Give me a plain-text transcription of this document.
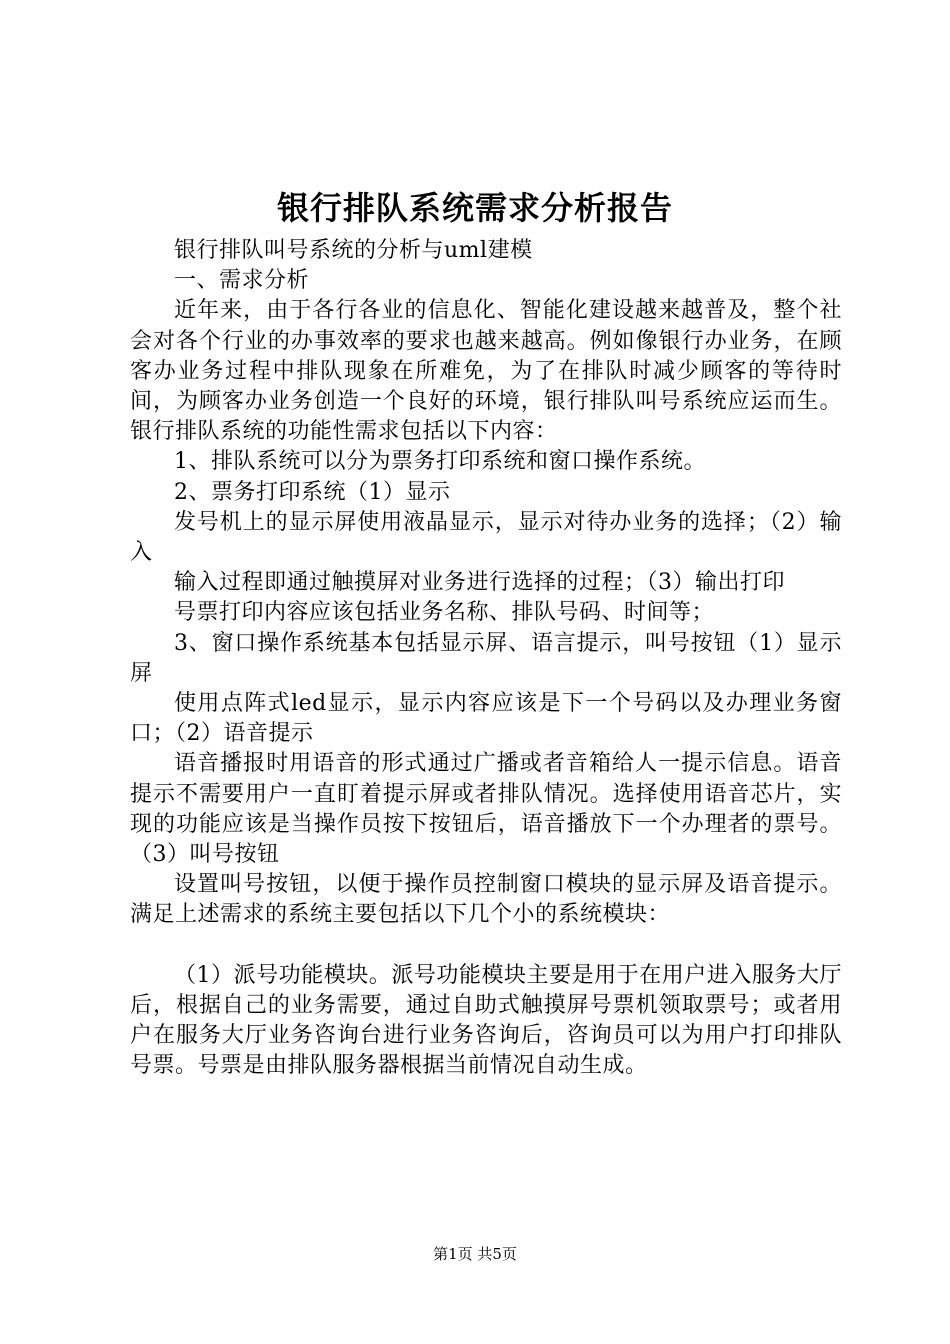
银行排队系统需求分析报告

银行排队叫号系统的分析与uml建模

一、需求分析

近年来，由于各行各业的信息化、智能化建设越来越普及，整个社会对各个行业的办事效率的要求也越来越高。例如像银行办业务，在顾客办业务过程中排队现象在所难免，为了在排队时减少顾客的等待时间，为顾客办业务创造一个良好的环境，银行排队叫号系统应运而生。银行排队系统的功能性需求包括以下内容：

1、排队系统可以分为票务打印系统和窗口操作系统。

2、票务打印系统（1）显示

发号机上的显示屏使用液晶显示，显示对待办业务的选择；（2）输入

输入过程即通过触摸屏对业务进行选择的过程；（3）输出打印

号票打印内容应该包括业务名称、排队号码、时间等；

3、窗口操作系统基本包括显示屏、语言提示，叫号按钮（1）显示屏

使用点阵式led显示，显示内容应该是下一个号码以及办理业务窗口；（2）语音提示

语音播报时用语音的形式通过广播或者音箱给人一提示信息。语音提示不需要用户一直盯着提示屏或者排队情况。选择使用语音芯片，实现的功能应该是当操作员按下按钮后，语音播放下一个办理者的票号。（3）叫号按钮

设置叫号按钮，以便于操作员控制窗口模块的显示屏及语音提示。满足上述需求的系统主要包括以下几个小的系统模块：

（1）派号功能模块。派号功能模块主要是用于在用户进入服务大厅后，根据自己的业务需要，通过自助式触摸屏号票机领取票号；或者用户在服务大厅业务咨询台进行业务咨询后，咨询员可以为用户打印排队号票。号票是由排队服务器根据当前情况自动生成。

第1页 共5页
